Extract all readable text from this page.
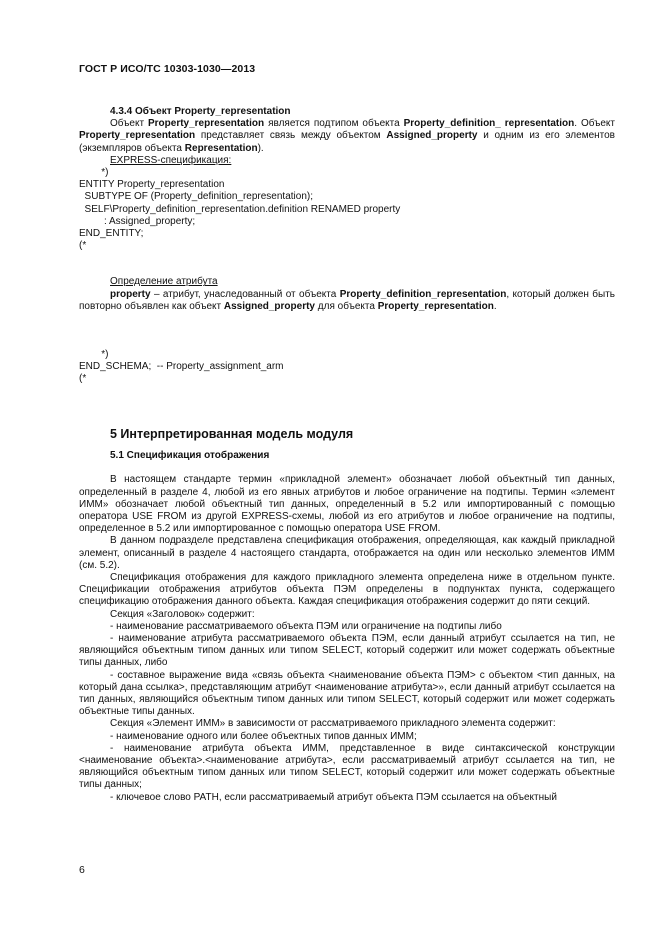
ГОСТ Р ИСО/ТС 10303-1030—2013

4.3.4 Объект Property_representation

Объект Property_representation является подтипом объекта Property_definition_ representation. Объект Property_representation представляет связь между объектом Assigned_property и одним из его элементов (экземпляров объекта Representation).

EXPRESS-спецификация:

*)
ENTITY Property_representation
SUBTYPE OF (Property_definition_representation);
SELF\Property_definition_representation.definition RENAMED property
: Assigned_property;
END_ENTITY;
(*

Определение атрибута

property – атрибут, унаследованный от объекта Property_definition_representation, который должен быть повторно объявлен как объект Assigned_property для объекта Property_representation.

*)
END_SCHEMA;  -- Property_assignment_arm
(*

5 Интерпретированная модель модуля

5.1 Спецификация отображения

В настоящем стандарте термин «прикладной элемент» обозначает любой объектный тип данных, определенный в разделе 4, любой из его явных атрибутов и любое ограничение на подтипы. Термин «элемент ИММ» обозначает любой объектный тип данных, определенный в 5.2 или импортированный с помощью оператора USE FROM из другой EXPRESS-схемы, любой из его атрибутов и любое ограничение на подтипы, определенное в 5.2 или импортированное с помощью оператора USE FROM.

В данном подразделе представлена спецификация отображения, определяющая, как каждый прикладной элемент, описанный в разделе 4 настоящего стандарта, отображается на один или несколько элементов ИММ (см. 5.2).

Спецификация отображения для каждого прикладного элемента определена ниже в отдельном пункте. Спецификации отображения атрибутов объекта ПЭМ определены в подпунктах пункта, содержащего спецификацию отображения данного объекта. Каждая спецификация отображения содержит до пяти секций.

Секция «Заголовок» содержит:

- наименование рассматриваемого объекта ПЭМ или ограничение на подтипы либо

- наименование атрибута рассматриваемого объекта ПЭМ, если данный атрибут ссылается на тип, не являющийся объектным типом данных или типом SELECT, который содержит или может содержать объектные типы данных, либо

- составное выражение вида «связь объекта <наименование объекта ПЭМ> с объектом <тип данных, на который дана ссылка>, представляющим атрибут <наименование атрибута>», если данный атрибут ссылается на тип данных, являющийся объектным типом данных или типом SELECT, который содержит или может содержать объектные типы данных.

Секция «Элемент ИММ» в зависимости от рассматриваемого прикладного элемента содержит:

- наименование одного или более объектных типов данных ИММ;

- наименование атрибута объекта ИММ, представленное в виде синтаксической конструкции <наименование объекта>.<наименование атрибута>, если рассматриваемый атрибут ссылается на тип, не являющийся объектным типом данных или типом SELECT, который содержит или может содержать объектные типы данных;

- ключевое слово PATH, если рассматриваемый атрибут объекта ПЭМ ссылается на объектный

6
